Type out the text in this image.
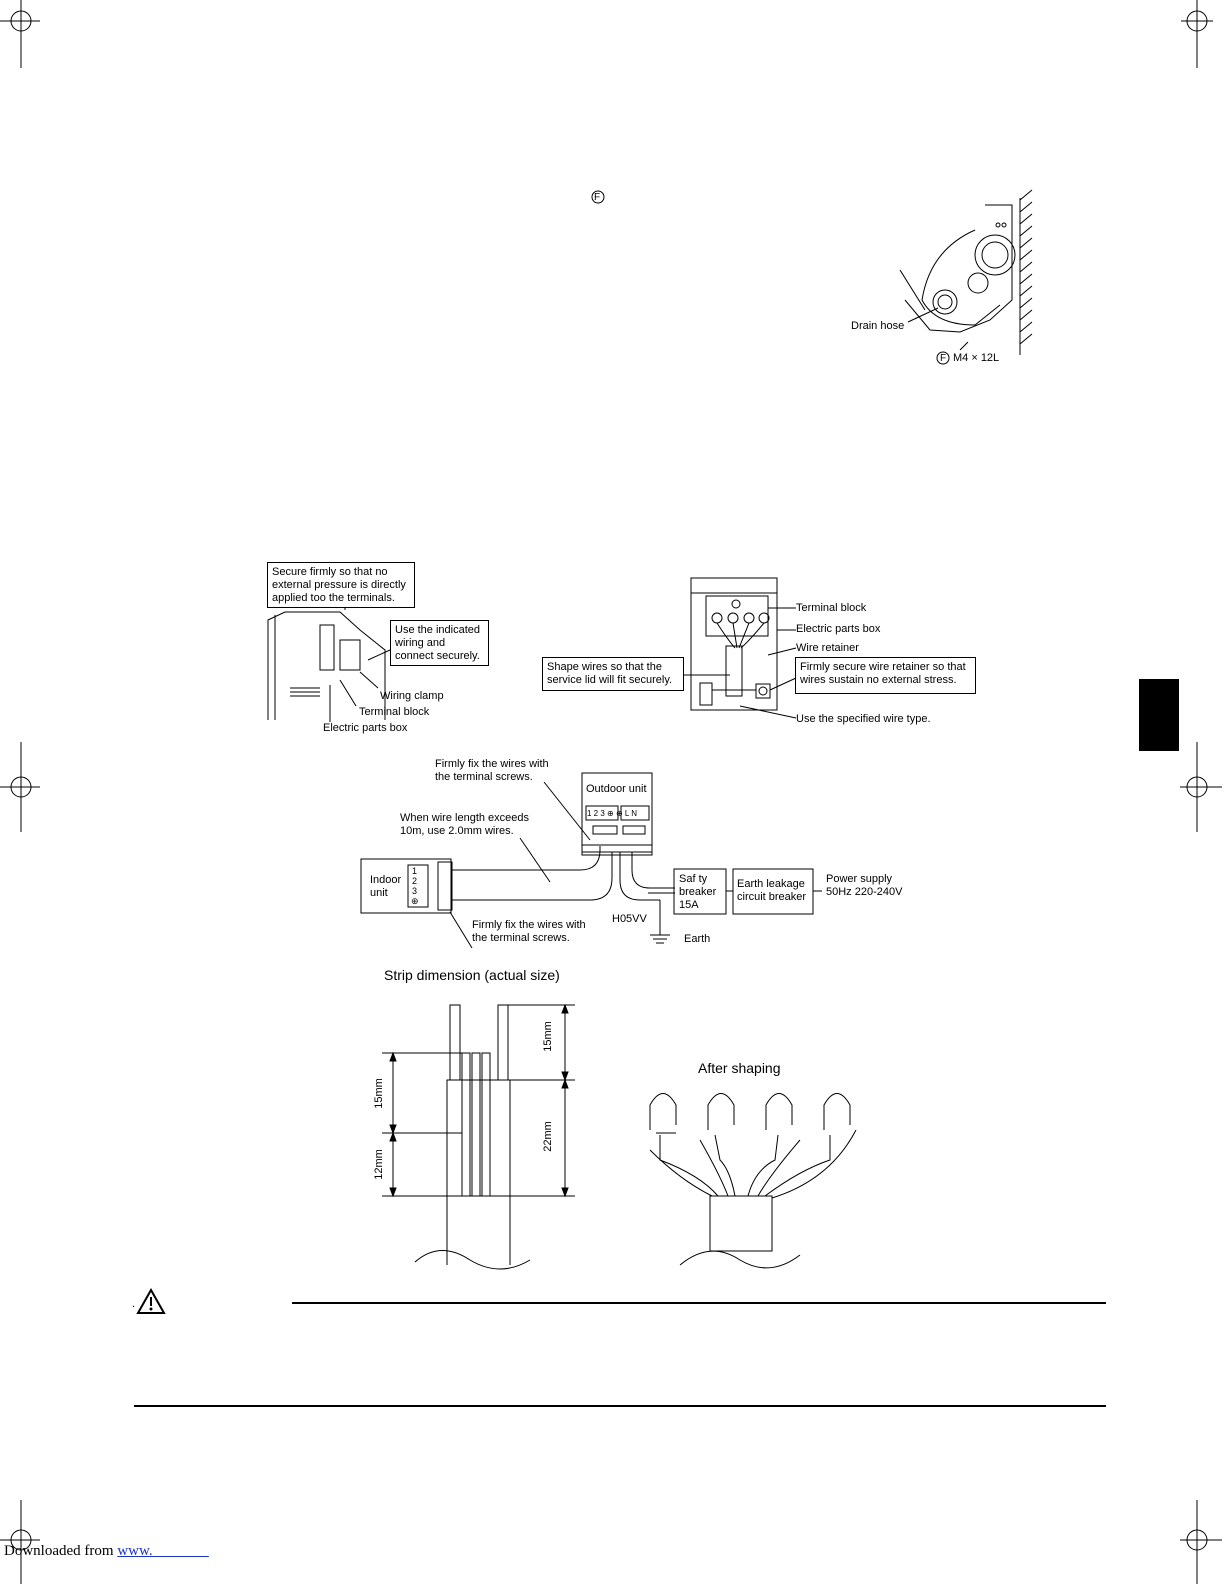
F
Drain hose
F M4 × 12L
Secure firmly so that no external pressure is directly applied too the terminals.
Use the indicated wiring and connect securely.
Wiring clamp
Terminal block
Electric parts box
Terminal block
Electric parts box
Wire retainer
Firmly secure wire retainer so that wires sustain no external stress.
Shape wires so that the service lid will fit securely.
Use the specified wire type.
Firmly fix the wires with the terminal screws.
When wire length exceeds 10m, use 2.0mm wires.
Outdoor unit
1 2 3 ⊕ ⊕ L N
Indoor unit
1
2
3
⊕
Saf ty breaker 15A
Earth leakage circuit breaker
Power supply 50Hz 220-240V
Firmly fix the wires with the terminal screws.
H05VV
Earth
Strip dimension (actual size)
After shaping
15mm
22mm
15mm
12mm
.
Downloaded from www.
